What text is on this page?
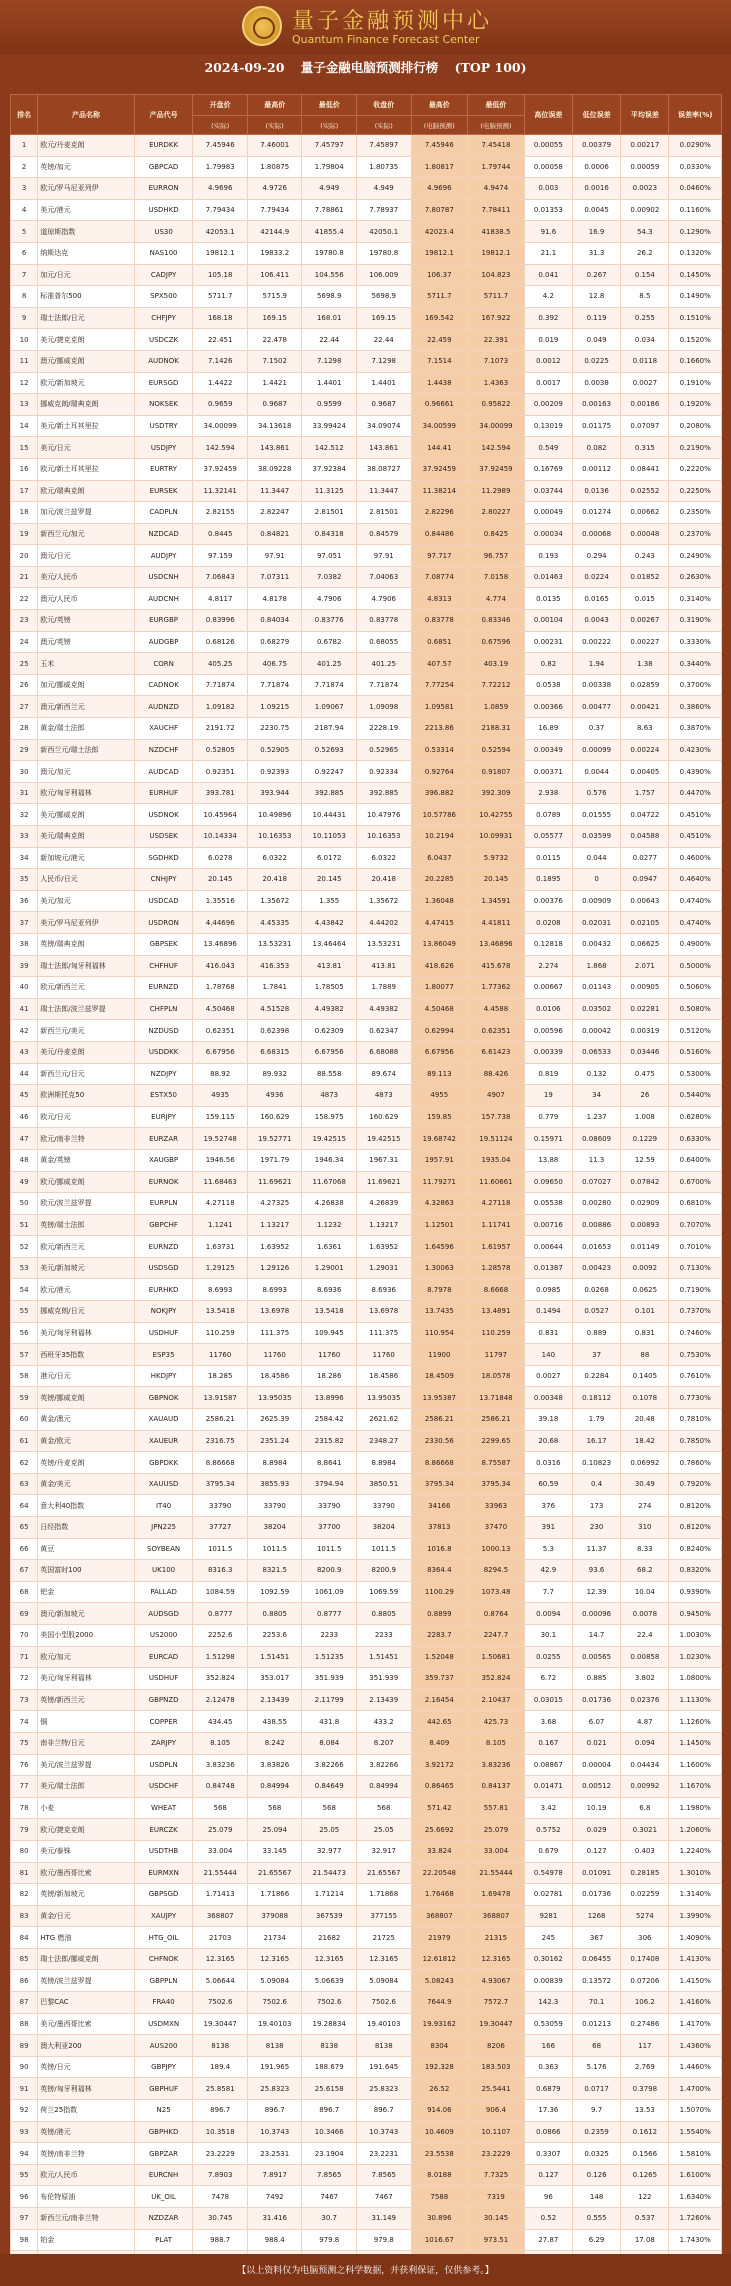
量子金融预测中心
Quantum Finance Forecast Center
2024-09-20 量子金融电脑预测排行榜 (TOP 100)
排名	产品名称	产品代号	开盘价	最高价	最低价	收盘价	最高价	最低价	高位误差	低位误差	平均误差	误差率(%)
			(实际)	(实际)	(实际)	(实际)	(电脑预测)	(电脑预测)				
1	欧元/丹麦克朗	EURDKK	7.45946	7.46001	7.45797	7.45897	7.45946	7.45418	0.00055	0.00379	0.00217	0.0290%
2	英镑/加元	GBPCAD	1.79983	1.80875	1.79804	1.80735	1.80817	1.79744	0.00058	0.0006	0.00059	0.0330%
3	欧元/罗马尼亚列伊	EURRON	4.9696	4.9726	4.949	4.949	4.9696	4.9474	0.003	0.0016	0.0023	0.0460%
4	美元/港元	USDHKD	7.79434	7.79434	7.78861	7.78937	7.80787	7.78411	0.01353	0.0045	0.00902	0.1160%
5	道琼斯指数	US30	42053.1	42144.9	41855.4	42050.1	42023.4	41838.5	91.6	16.9	54.3	0.1290%
6	纳斯达克	NAS100	19812.1	19833.2	19780.8	19780.8	19812.1	19812.1	21.1	31.3	26.2	0.1320%
7	加元/日元	CADJPY	105.18	106.411	104.556	106.009	106.37	104.823	0.041	0.267	0.154	0.1450%
8	标准普尔500	SPX500	5711.7	5715.9	5698.9	5698.9	5711.7	5711.7	4.2	12.8	8.5	0.1490%
9	瑞士法郎/日元	CHFJPY	168.18	169.15	168.01	169.15	169.542	167.922	0.392	0.119	0.255	0.1510%
10	美元/捷克克朗	USDCZK	22.451	22.478	22.44	22.44	22.459	22.391	0.019	0.049	0.034	0.1520%
11	澳元/挪威克朗	AUDNOK	7.1426	7.1502	7.1298	7.1298	7.1514	7.1073	0.0012	0.0225	0.0118	0.1660%
12	欧元/新加坡元	EURSGD	1.4422	1.4421	1.4401	1.4401	1.4438	1.4363	0.0017	0.0038	0.0027	0.1910%
13	挪威克朗/瑞典克朗	NOKSEK	0.9659	0.9687	0.9599	0.9687	0.96661	0.95822	0.00209	0.00163	0.00186	0.1920%
14	美元/新土耳其里拉	USDTRY	34.00099	34.13618	33.99424	34.09074	34.00599	34.00099	0.13019	0.01175	0.07097	0.2080%
15	美元/日元	USDJPY	142.594	143.861	142.512	143.861	144.41	142.594	0.549	0.082	0.315	0.2190%
16	欧元/新土耳其里拉	EURTRY	37.92459	38.09228	37.92384	38.08727	37.92459	37.92459	0.16769	0.00112	0.08441	0.2220%
17	欧元/瑞典克朗	EURSEK	11.32141	11.3447	11.3125	11.3447	11.38214	11.2989	0.03744	0.0136	0.02552	0.2250%
18	加元/波兰兹罗提	CADPLN	2.82155	2.82247	2.81501	2.81501	2.82296	2.80227	0.00049	0.01274	0.00662	0.2350%
19	新西兰元/加元	NZDCAD	0.8445	0.84821	0.84318	0.84579	0.84486	0.8425	0.00034	0.00068	0.00048	0.2370%
20	澳元/日元	AUDJPY	97.159	97.91	97.051	97.91	97.717	96.757	0.193	0.294	0.243	0.2490%
21	美元/人民币	USDCNH	7.06843	7.07311	7.0382	7.04063	7.08774	7.0158	0.01463	0.0224	0.01852	0.2630%
22	澳元/人民币	AUDCNH	4.8117	4.8178	4.7906	4.7906	4.8313	4.774	0.0135	0.0165	0.015	0.3140%
23	欧元/英镑	EURGBP	0.83996	0.84034	0.83776	0.83778	0.83778	0.83346	0.00104	0.0043	0.00267	0.3190%
24	澳元/英镑	AUDGBP	0.68126	0.68279	0.6782	0.68055	0.6851	0.67596	0.00231	0.00222	0.00227	0.3330%
25	玉米	CORN	405.25	406.75	401.25	401.25	407.57	403.19	0.82	1.94	1.38	0.3440%
26	加元/挪威克朗	CADNOK	7.71874	7.71874	7.71874	7.71874	7.77254	7.72212	0.0538	0.00338	0.02859	0.3700%
27	澳元/新西兰元	AUDNZD	1.09182	1.09215	1.09067	1.09098	1.09581	1.0859	0.00366	0.00477	0.00421	0.3860%
28	黄金/瑞士法郎	XAUCHF	2191.72	2230.75	2187.94	2228.19	2213.86	2188.31	16.89	0.37	8.63	0.3870%
29	新西兰元/瑞士法郎	NZDCHF	0.52805	0.52905	0.52693	0.52965	0.53314	0.52594	0.00349	0.00099	0.00224	0.4230%
30	澳元/加元	AUDCAD	0.92351	0.92393	0.92247	0.92334	0.92764	0.91807	0.00371	0.0044	0.00405	0.4390%
31	欧元/匈牙利福林	EURHUF	393.781	393.944	392.885	392.885	396.882	392.309	2.938	0.576	1.757	0.4470%
32	美元/挪威克朗	USDNOK	10.45964	10.49896	10.44431	10.47976	10.57786	10.42755	0.0789	0.01555	0.04722	0.4510%
33	美元/瑞典克朗	USDSEK	10.14334	10.16353	10.11053	10.16353	10.2194	10.09931	0.05577	0.03599	0.04588	0.4510%
34	新加坡元/港元	SGDHKD	6.0278	6.0322	6.0172	6.0322	6.0437	5.9732	0.0115	0.044	0.0277	0.4600%
35	人民币/日元	CNHJPY	20.145	20.418	20.145	20.418	20.2285	20.145	0.1895	0	0.0947	0.4640%
36	美元/加元	USDCAD	1.35516	1.35672	1.355	1.35672	1.36048	1.34591	0.00376	0.00909	0.00643	0.4740%
37	美元/罗马尼亚列伊	USDRON	4.44696	4.45335	4.43842	4.44202	4.47415	4.41811	0.0208	0.02031	0.02105	0.4740%
38	英镑/瑞典克朗	GBPSEK	13.46896	13.53231	13.46464	13.53231	13.86049	13.46896	0.12818	0.00432	0.06625	0.4900%
39	瑞士法郎/匈牙利福林	CHFHUF	416.043	416.353	413.81	413.81	418.626	415.678	2.274	1.868	2.071	0.5000%
40	欧元/新西兰元	EURNZD	1.78768	1.7841	1.78505	1.7889	1.80077	1.77362	0.00667	0.01143	0.00905	0.5060%
41	瑞士法郎/波兰兹罗提	CHFPLN	4.50468	4.51528	4.49382	4.49382	4.50468	4.4588	0.0106	0.03502	0.02281	0.5080%
42	新西兰元/美元	NZDUSD	0.62351	0.62398	0.62309	0.62347	0.62994	0.62351	0.00596	0.00042	0.00319	0.5120%
43	美元/丹麦克朗	USDDKK	6.67956	6.68315	6.67956	6.68088	6.67956	6.61423	0.00339	0.06533	0.03446	0.5160%
44	新西兰元/日元	NZDJPY	88.92	89.932	88.558	89.674	89.113	88.426	0.819	0.132	0.475	0.5300%
45	欧洲斯托克50	ESTX50	4935	4936	4873	4873	4955	4907	19	34	26	0.5440%
46	欧元/日元	EURJPY	159.115	160.629	158.975	160.629	159.85	157.738	0.779	1.237	1.008	0.6280%
47	欧元/南非兰特	EURZAR	19.52748	19.52771	19.42515	19.42515	19.68742	19.51124	0.15971	0.08609	0.1229	0.6330%
48	黄金/英镑	XAUGBP	1946.56	1971.79	1946.34	1967.31	1957.91	1935.04	13.88	11.3	12.59	0.6400%
49	欧元/挪威克朗	EURNOK	11.68463	11.69621	11.67068	11.69621	11.79271	11.60661	0.09650	0.07027	0.07842	0.6700%
50	欧元/波兰兹罗提	EURPLN	4.27118	4.27325	4.26838	4.26839	4.32863	4.27118	0.05538	0.00280	0.02909	0.6810%
51	英镑/瑞士法郎	GBPCHF	1.1241	1.13217	1.1232	1.13217	1.12501	1.11741	0.00716	0.00886	0.00893	0.7070%
52	欧元/新西兰元	EURNZD	1.63731	1.63952	1.6361	1.63952	1.64596	1.61957	0.00644	0.01653	0.01149	0.7010%
53	美元/新加坡元	USDSGD	1.29125	1.29126	1.29001	1.29031	1.30063	1.28578	0.01387	0.00423	0.0092	0.7130%
54	欧元/港元	EURHKD	8.6993	8.6993	8.6936	8.6936	8.7978	8.6668	0.0985	0.0268	0.0625	0.7190%
55	挪威克朗/日元	NOKJPY	13.5418	13.6978	13.5418	13.6978	13.7435	13.4891	0.1494	0.0527	0.101	0.7370%
56	美元/匈牙利福林	USDHUF	110.259	111.375	109.945	111.375	110.954	110.259	0.831	0.889	0.831	0.7460%
57	西班牙35指数	ESP35	11760	11760	11760	11760	11900	11797	140	37	88	0.7530%
58	港元/日元	HKDJPY	18.285	18.4586	18.286	18.4586	18.4509	18.0578	0.0027	0.2284	0.1405	0.7610%
59	英镑/挪威克朗	GBPNOK	13.91587	13.95035	13.8996	13.95035	13.95387	13.71848	0.00348	0.18112	0.1078	0.7730%
60	黄金/澳元	XAUAUD	2586.21	2625.39	2584.42	2621.62	2586.21	2586.21	39.18	1.79	20.48	0.7810%
61	黄金/欧元	XAUEUR	2316.75	2351.24	2315.82	2348.27	2330.56	2299.65	20.68	16.17	18.42	0.7850%
62	英镑/丹麦克朗	GBPDKK	8.86668	8.8984	8.8641	8.8984	8.86668	8.75587	0.0316	0.10823	0.06992	0.7860%
63	黄金/美元	XAUUSD	3795.34	3855.93	3794.94	3850.51	3795.34	3795.34	60.59	0.4	30.49	0.7920%
64	意大利40指数	IT40	33790	33790	33790	33790	34166	33963	376	173	274	0.8120%
65	日经指数	JPN225	37727	38204	37700	38204	37813	37470	391	230	310	0.8120%
66	黄豆	SOYBEAN	1011.5	1011.5	1011.5	1011.5	1016.8	1000.13	5.3	11.37	8.33	0.8240%
67	英国富时100	UK100	8316.3	8321.5	8200.9	8200.9	8364.4	8294.5	42.9	93.6	68.2	0.8320%
68	钯金	PALLAD	1084.59	1092.59	1061.09	1069.59	1100.29	1073.48	7.7	12.39	10.04	0.9390%
69	澳元/新加坡元	AUDSGD	0.8777	0.8805	0.8777	0.8805	0.8899	0.8764	0.0094	0.00096	0.0078	0.9450%
70	美国小型股2000	US2000	2252.6	2253.6	2233	2233	2283.7	2247.7	30.1	14.7	22.4	1.0030%
71	欧元/加元	EURCAD	1.51298	1.51451	1.51235	1.51451	1.52048	1.50681	0.0255	0.00565	0.00858	1.0230%
72	美元/匈牙利福林	USDHUF	352.824	353.017	351.939	351.939	359.737	352.824	6.72	0.885	3.802	1.0800%
73	英镑/新西兰元	GBPNZD	2.12478	2.13439	2.11799	2.13439	2.16454	2.10437	0.03015	0.01736	0.02376	1.1130%
74	铜	COPPER	434.45	438.55	431.8	433.2	442.65	425.73	3.68	6.07	4.87	1.1260%
75	南非兰特/日元	ZARJPY	8.105	8.242	8.084	8.207	8.409	8.105	0.167	0.021	0.094	1.1450%
76	美元/波兰兹罗提	USDPLN	3.83236	3.83826	3.82266	3.82266	3.92172	3.83236	0.08867	0.00004	0.04434	1.1600%
77	美元/瑞士法郎	USDCHF	0.84748	0.84994	0.84649	0.84994	0.86465	0.84137	0.01471	0.00512	0.00992	1.1670%
78	小麦	WHEAT	568	568	568	568	571.42	557.81	3.42	10.19	6.8	1.1980%
79	欧元/捷克克朗	EURCZK	25.079	25.094	25.05	25.05	25.6692	25.079	0.5752	0.029	0.3021	1.2060%
80	美元/泰铢	USDTHB	33.004	33.145	32.977	32.917	33.824	33.004	0.679	0.127	0.403	1.2240%
81	欧元/墨西哥比索	EURMXN	21.55444	21.65567	21.54473	21.65567	22.20548	21.55444	0.54978	0.01091	0.28185	1.3010%
82	英镑/新加坡元	GBPSGD	1.71413	1.71866	1.71214	1.71868	1.76468	1.69478	0.02781	0.01736	0.02259	1.3140%
83	黄金/日元	XAUJPY	368807	379088	367539	377155	368807	368807	9281	1268	5274	1.3990%
84	HTG 燃油	HTG_OIL	21703	21734	21682	21725	21979	21315	245	367	306	1.4090%
85	瑞士法郎/挪威克朗	CHFNOK	12.3165	12.3165	12.3165	12.3165	12.61812	12.3165	0.30162	0.06455	0.17408	1.4130%
86	英镑/波兰兹罗提	GBPPLN	5.06644	5.09084	5.06639	5.09084	5.08243	4.93067	0.00839	0.13572	0.07206	1.4150%
87	巴黎CAC	FRA40	7502.6	7502.6	7502.6	7502.6	7644.9	7572.7	142.3	70.1	106.2	1.4160%
88	美元/墨西哥比索	USDMXN	19.30447	19.40103	19.28834	19.40103	19.93162	19.30447	0.53059	0.01213	0.27486	1.4170%
89	澳大利亚200	AUS200	8138	8138	8138	8138	8304	8206	166	68	117	1.4360%
90	英镑/日元	GBPJPY	189.4	191.965	188.679	191.645	192.328	183.503	0.363	5.176	2.769	1.4460%
91	英镑/匈牙利福林	GBPHUF	25.8581	25.8323	25.6158	25.8323	26.52	25.5441	0.6879	0.0717	0.3798	1.4700%
92	荷兰25指数	N25	896.7	896.7	896.7	896.7	914.06	906.4	17.36	9.7	13.53	1.5070%
93	英镑/港元	GBPHKD	10.3518	10.3743	10.3466	10.3743	10.4609	10.1107	0.0866	0.2359	0.1612	1.5540%
94	英镑/南非兰特	GBPZAR	23.2229	23.2531	23.1904	23.2231	23.5538	23.2229	0.3307	0.0325	0.1566	1.5810%
95	欧元/人民币	EURCNH	7.8903	7.8917	7.8565	7.8565	8.0188	7.7325	0.127	0.126	0.1265	1.6100%
96	布伦特原油	UK_OIL	7478	7492	7467	7467	7588	7319	96	148	122	1.6340%
97	新西兰元/南非兰特	NZDZAR	30.745	31.416	30.7	31.149	30.896	30.145	0.52	0.555	0.537	1.7260%
98	铂金	PLAT	988.7	988.4	979.8	979.8	1016.67	973.51	27.87	6.29	17.08	1.7430%

【以上资料仅为电脑预测之科学数据，并获利保证，仅供参考。】
